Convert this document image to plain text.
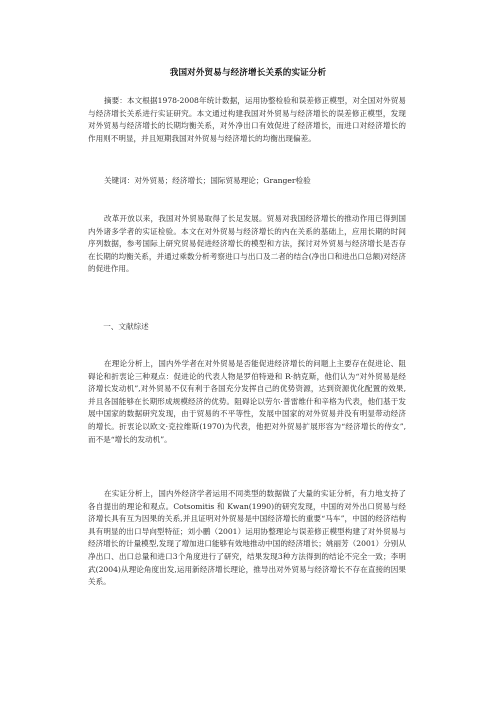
我国对外贸易与经济增长关系的实证分析

摘要：本文根据1978-2008年统计数据，运用协整检验和误差修正模型，对全国对外贸易与经济增长关系进行实证研究。本文通过构建我国对外贸易与经济增长的误差修正模型，发现对外贸易与经济增长的长期均衡关系，对外净出口有效促进了经济增长，而进口对经济增长的作用则不明显，并且短期我国对外贸易与经济增长的均衡出现偏差。

关键词：对外贸易；经济增长；国际贸易理论；Granger检验

改革开放以来，我国对外贸易取得了长足发展。贸易对我国经济增长的推动作用已得到国内外诸多学者的实证检验。本文在对外贸易与经济增长的内在关系的基础上，应用长期的时间序列数据，参考国际上研究贸易促进经济增长的模型和方法，探讨对外贸易与经济增长是否存在长期的均衡关系，并通过乘数分析考察进口与出口及二者的结合(净出口和进出口总额)对经济的促进作用。

一、文献综述

在理论分析上，国内外学者在对外贸易是否能促进经济增长的问题上主要存在促进论、阻碍论和折衷论三种观点：促进论的代表人物是罗伯特逊和 R·纳克斯，他们认为“对外贸易是经济增长发动机”,对外贸易不仅有利于各国充分发挥自己的优势资源，达到资源优化配置的效果,并且各国能够在长期形成规模经济的优势。阻碍论以劳尔·普雷维什和辛格为代表，他们基于发展中国家的数据研究发现，由于贸易的不平等性，发展中国家的对外贸易并没有明显带动经济的增长。折衷论以欧文·克拉维斯(1970)为代表，他把对外贸易扩展形容为“经济增长的侍女”,而不是“增长的发动机”。

在实证分析上，国内外经济学者运用不同类型的数据做了大量的实证分析，有力地支持了各自提出的理论和观点。Cotsomitis 和 Kwan(1990)的研究发现，中国的对外出口贸易与经济增长具有互为因果的关系,并且证明对外贸易是中国经济增长的重要“马车”，中国的经济结构具有明显的出口导向型特征；刘小鹏（2001）运用协整理论与误差修正模型构建了对外贸易与经济增长的计量模型,发现了增加进口能够有效地推动中国的经济增长；姚丽芳（2001）分别从净出口、出口总量和进口3个角度进行了研究，结果发现3种方法得到的结论不完全一致；李明武(2004)从理论角度出发,运用新经济增长理论，推导出对外贸易与经济增长不存在直接的因果关系。
